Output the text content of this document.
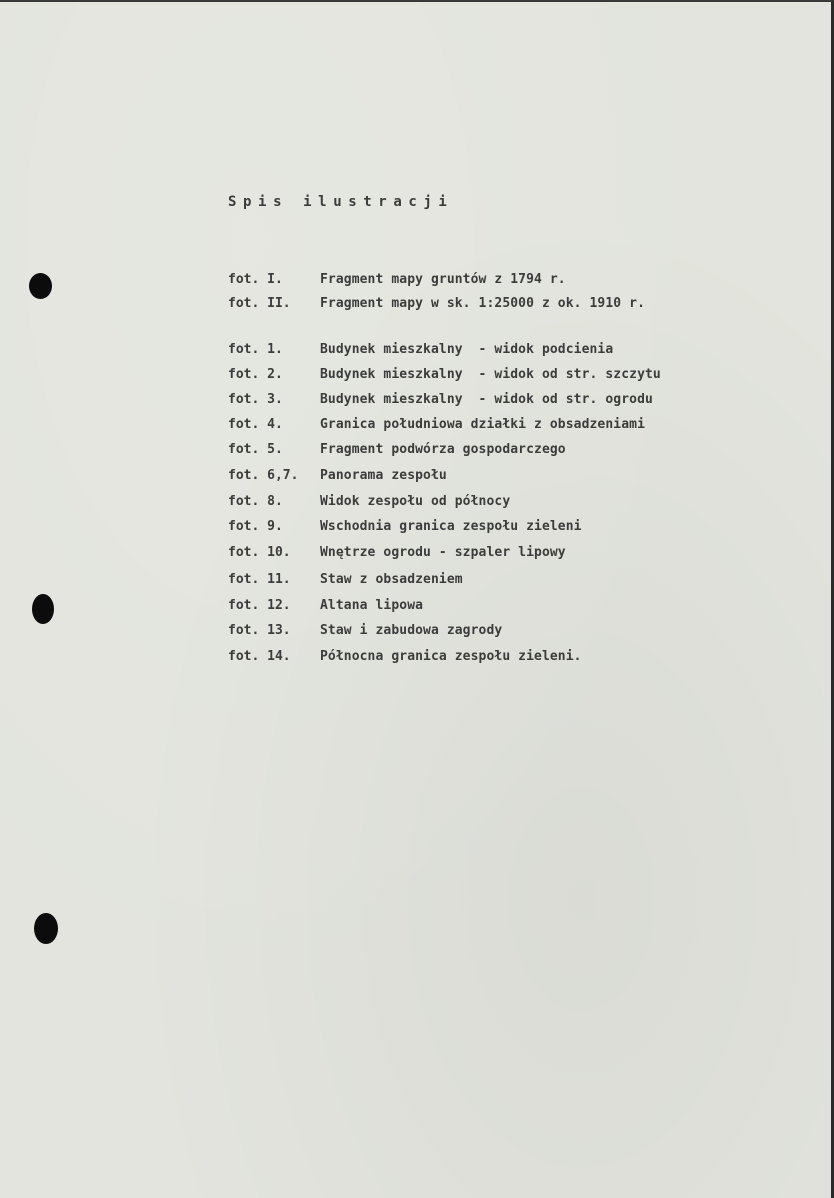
Spis ilustracji
fot. I.	Fragment mapy gruntów z 1794 r.
fot. II.	Fragment mapy w sk. 1:25000 z ok. 1910 r.
fot. 1.	Budynek mieszkalny  - widok podcienia
fot. 2.	Budynek mieszkalny  - widok od str. szczytu
fot. 3.	Budynek mieszkalny  - widok od str. ogrodu
fot. 4.	Granica południowa działki z obsadzeniami
fot. 5.	Fragment podwórza gospodarczego
fot. 6,7.	Panorama zespołu
fot. 8.	Widok zespołu od północy
fot. 9.	Wschodnia granica zespołu zieleni
fot. 10.	Wnętrze ogrodu - szpaler lipowy
fot. 11.	Staw z obsadzeniem
fot. 12.	Altana lipowa
fot. 13.	Staw i zabudowa zagrody
fot. 14.	Północna granica zespołu zieleni.
